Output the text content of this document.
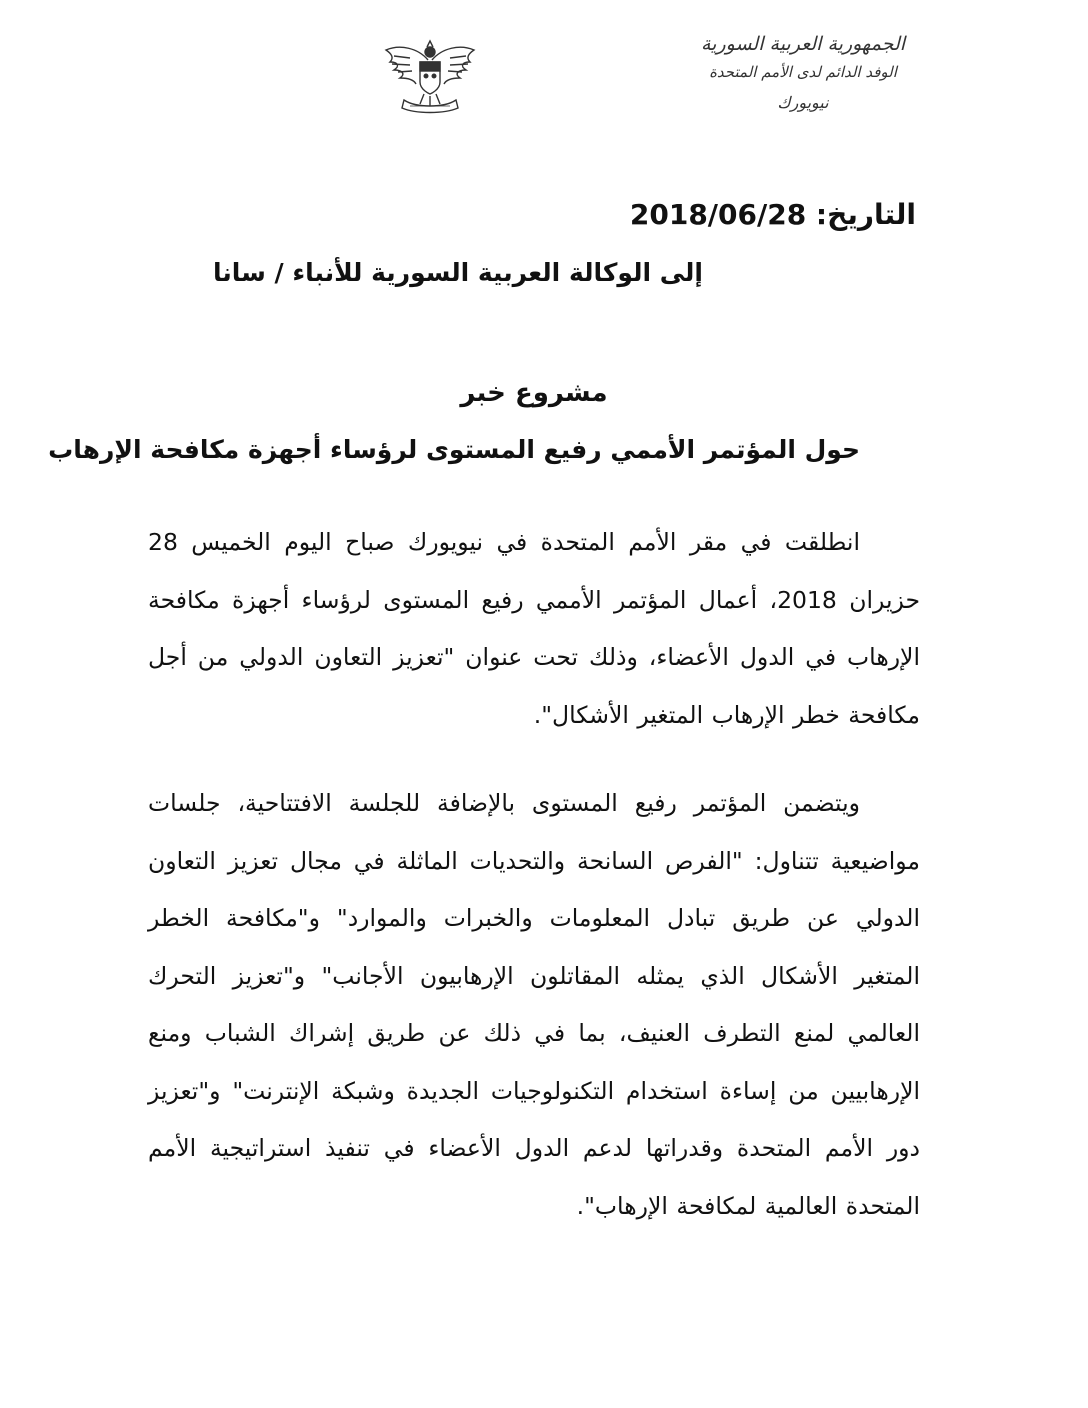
الجمهورية العربية السورية
الوفد الدائم لدى الأمم المتحدة
نيويورك
التاريخ: 2018/06/28
إلى الوكالة العربية السورية للأنباء / سانا
مشروع خبر
حول المؤتمر الأممي رفيع المستوى لرؤساء أجهزة مكافحة الإرهاب
انطلقت في مقر الأمم المتحدة في نيويورك صباح اليوم الخميس 28 حزيران 2018، أعمال المؤتمر الأممي رفيع المستوى لرؤساء أجهزة مكافحة الإرهاب في الدول الأعضاء، وذلك تحت عنوان "تعزيز التعاون الدولي من أجل مكافحة خطر الإرهاب المتغير الأشكال".
ويتضمن المؤتمر رفيع المستوى بالإضافة للجلسة الافتتاحية، جلسات مواضيعية تتناول: "الفرص السانحة والتحديات الماثلة في مجال تعزيز التعاون الدولي عن طريق تبادل المعلومات والخبرات والموارد" و"مكافحة الخطر المتغير الأشكال الذي يمثله المقاتلون الإرهابيون الأجانب" و"تعزيز التحرك العالمي لمنع التطرف العنيف، بما في ذلك عن طريق إشراك الشباب ومنع الإرهابيين من إساءة استخدام التكنولوجيات الجديدة وشبكة الإنترنت" و"تعزيز دور الأمم المتحدة وقدراتها لدعم الدول الأعضاء في تنفيذ استراتيجية الأمم المتحدة العالمية لمكافحة الإرهاب".
